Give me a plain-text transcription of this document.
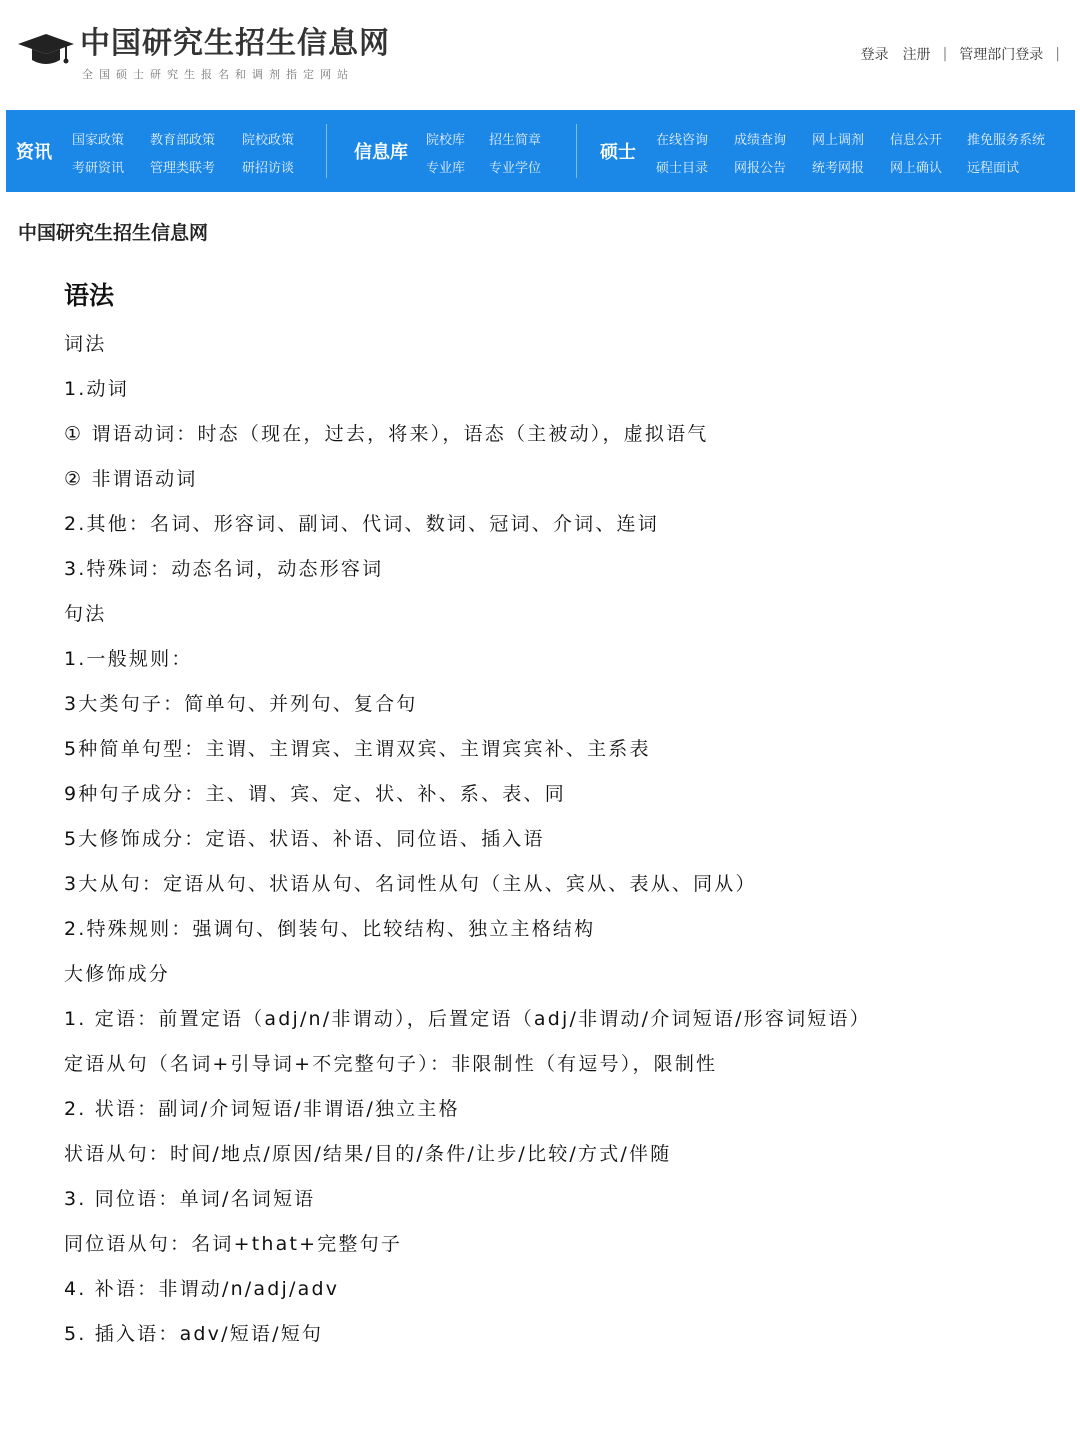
中国研究生招生信息网
全国硕士研究生报名和调剂指定网站
登录 注册 | 管理部门登录 |
资讯
国家政策 教育部政策 院校政策
考研资讯 管理类联考 研招访谈
信息库
院校库 招生简章
专业库 专业学位
硕士
在线咨询 成绩查询 网上调剂 信息公开 推免服务系统
硕士目录 网报公告 统考网报 网上确认 远程面试
中国研究生招生信息网
语法
词法
1.动词
① 谓语动词：时态（现在，过去，将来），语态（主被动），虚拟语气
② 非谓语动词
2.其他：名词、形容词、副词、代词、数词、冠词、介词、连词
3.特殊词：动态名词，动态形容词
句法
1.一般规则：
3大类句子：简单句、并列句、复合句
5种简单句型：主谓、主谓宾、主谓双宾、主谓宾宾补、主系表
9种句子成分：主、谓、宾、定、状、补、系、表、同
5大修饰成分：定语、状语、补语、同位语、插入语
3大从句：定语从句、状语从句、名词性从句（主从、宾从、表从、同从）
2.特殊规则：强调句、倒装句、比较结构、独立主格结构
大修饰成分
1. 定语：前置定语（adj/n/非谓动），后置定语（adj/非谓动/介词短语/形容词短语）
定语从句（名词+引导词+不完整句子）：非限制性（有逗号），限制性
2. 状语：副词/介词短语/非谓语/独立主格
状语从句：时间/地点/原因/结果/目的/条件/让步/比较/方式/伴随
3. 同位语：单词/名词短语
同位语从句：名词+that+完整句子
4. 补语：非谓动/n/adj/adv
5. 插入语：adv/短语/短句
